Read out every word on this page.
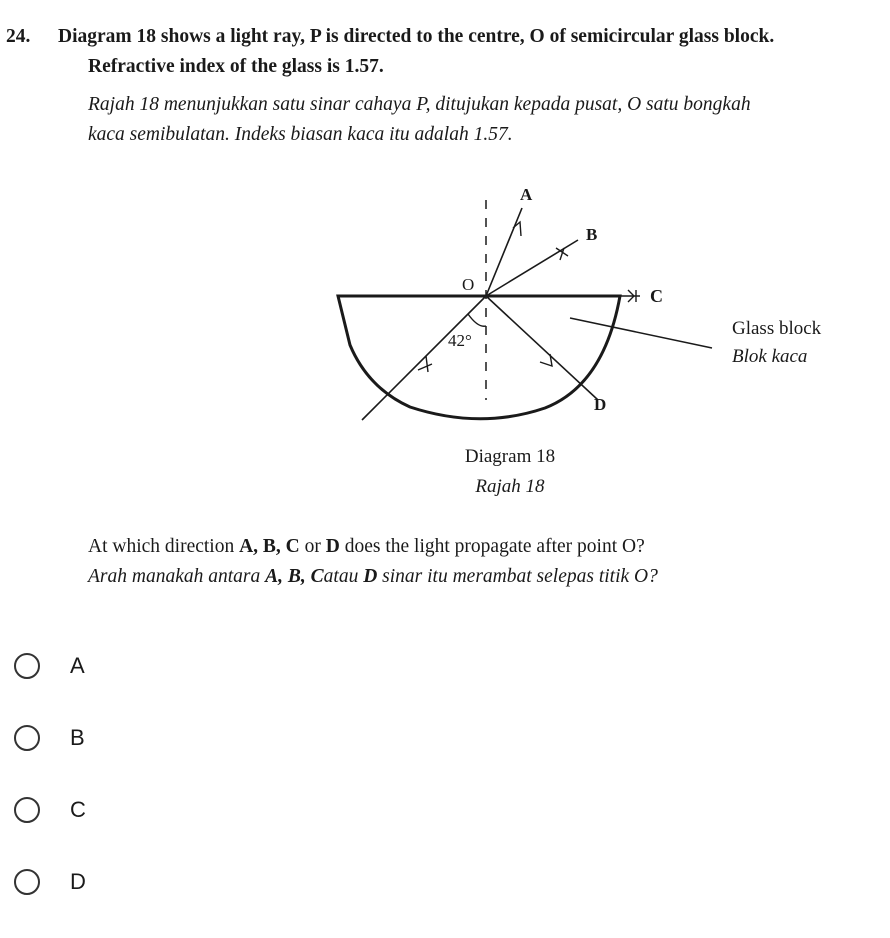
24. Diagram 18 shows a light ray, P is directed to the centre, O of semicircular glass block.
Refractive index of the glass is 1.57.
Rajah 18 menunjukkan satu sinar cahaya P, ditujukan kepada pusat, O satu bongkah
kaca semibulatan. Indeks biasan kaca itu adalah 1.57.
A
B
O
C
42°
D
Glass block
Blok kaca
Diagram 18
Rajah 18
At which direction A, B, C or D does the light propagate after point O?
Arah manakah antara A, B, Catau D sinar itu merambat selepas titik O?
A
B
C
D
